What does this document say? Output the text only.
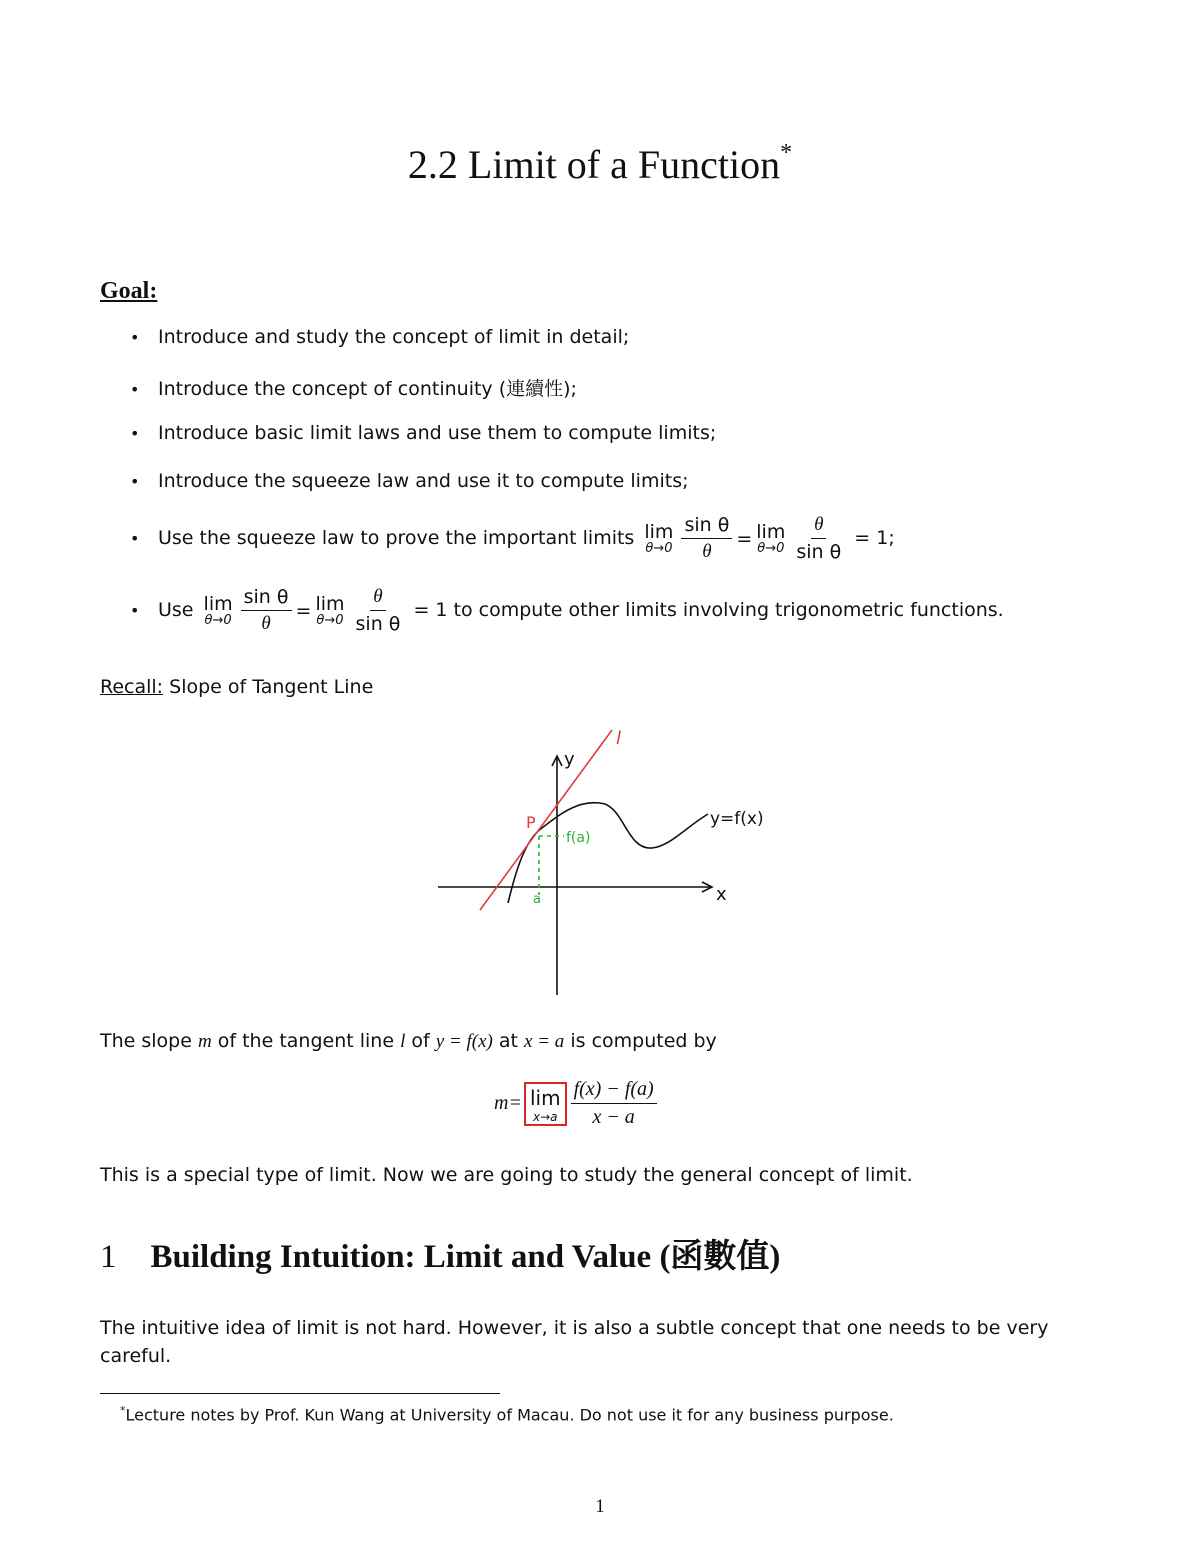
2.2 Limit of a Function*
Goal:
• Introduce and study the concept of limit in detail;
• Introduce the concept of continuity (連續性);
• Introduce basic limit laws and use them to compute limits;
• Introduce the squeeze law and use it to compute limits;
• Use the squeeze law to prove the important limits lim
$\theta\to 0 \frac{\text{sin θ}}{\theta} = \lim$
$\theta\to 0 \frac{\theta}{\text{sin θ}} = 1$;
• Use lim
$\theta\to 0 \frac{\text{sin θ}}{\theta} = \lim$
$\theta\to 0 \frac{\theta}{\text{sin θ}} = 1$ to compute other limits involving trigonometric functions.
Recall: Slope of Tangent Line
y
x
y=f(x)
l
P
f(a)
a
The slope m of the tangent line l of y = f(x) at x = a is computed by
m= lim
$x\to a \frac{f(x) - f(a)}{x - a}$
This is a special type of limit. Now we are going to study the general concept of limit.
1 Building Intuition: Limit and Value (函數值)
The intuitive idea of limit is not hard. However, it is also a subtle concept that one needs to be very careful.
*Lecture notes by Prof. Kun Wang at University of Macau. Do not use it for any business purpose.
1
